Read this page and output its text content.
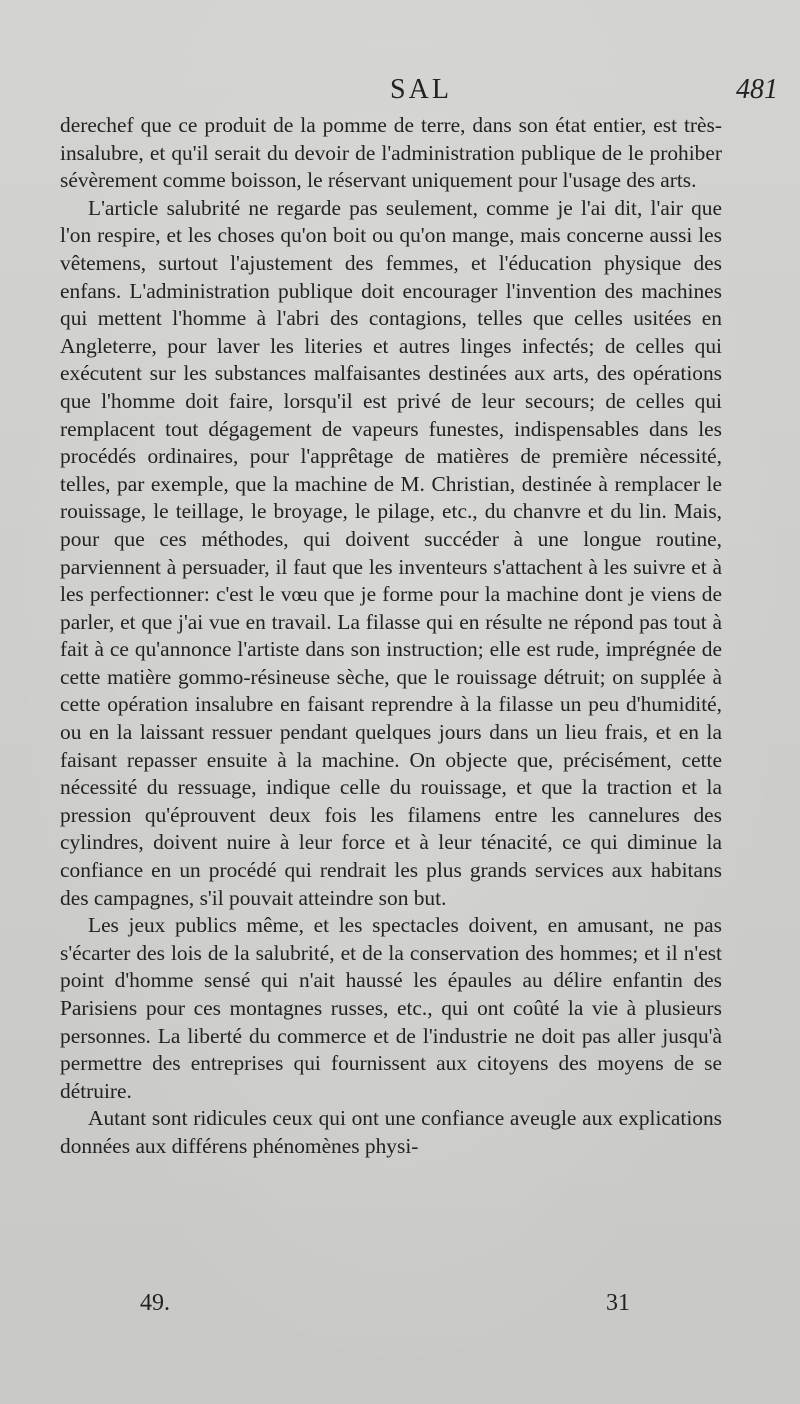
SAL	481

derechef que ce produit de la pomme de terre, dans son état entier, est très-insalubre, et qu'il serait du devoir de l'administration publique de le prohiber sévèrement comme boisson, le réservant uniquement pour l'usage des arts.

L'article salubrité ne regarde pas seulement, comme je l'ai dit, l'air que l'on respire, et les choses qu'on boit ou qu'on mange, mais concerne aussi les vêtemens, surtout l'ajustement des femmes, et l'éducation physique des enfans. L'administration publique doit encourager l'invention des machines qui mettent l'homme à l'abri des contagions, telles que celles usitées en Angleterre, pour laver les literies et autres linges infectés; de celles qui exécutent sur les substances malfaisantes destinées aux arts, des opérations que l'homme doit faire, lorsqu'il est privé de leur secours; de celles qui remplacent tout dégagement de vapeurs funestes, indispensables dans les procédés ordinaires, pour l'apprêtage de matières de première nécessité, telles, par exemple, que la machine de M. Christian, destinée à remplacer le rouissage, le teillage, le broyage, le pilage, etc., du chanvre et du lin. Mais, pour que ces méthodes, qui doivent succéder à une longue routine, parviennent à persuader, il faut que les inventeurs s'attachent à les suivre et à les perfectionner: c'est le vœu que je forme pour la machine dont je viens de parler, et que j'ai vue en travail. La filasse qui en résulte ne répond pas tout à fait à ce qu'annonce l'artiste dans son instruction; elle est rude, imprégnée de cette matière gommo-résineuse sèche, que le rouissage détruit; on supplée à cette opération insalubre en faisant reprendre à la filasse un peu d'humidité, ou en la laissant ressuer pendant quelques jours dans un lieu frais, et en la faisant repasser ensuite à la machine. On objecte que, précisément, cette nécessité du ressuage, indique celle du rouissage, et que la traction et la pression qu'éprouvent deux fois les filamens entre les cannelures des cylindres, doivent nuire à leur force et à leur ténacité, ce qui diminue la confiance en un procédé qui rendrait les plus grands services aux habitans des campagnes, s'il pouvait atteindre son but.

Les jeux publics même, et les spectacles doivent, en amusant, ne pas s'écarter des lois de la salubrité, et de la conservation des hommes; et il n'est point d'homme sensé qui n'ait haussé les épaules au délire enfantin des Parisiens pour ces montagnes russes, etc., qui ont coûté la vie à plusieurs personnes. La liberté du commerce et de l'industrie ne doit pas aller jusqu'à permettre des entreprises qui fournissent aux citoyens des moyens de se détruire.

Autant sont ridicules ceux qui ont une confiance aveugle aux explications données aux différens phénomènes physi-

49.	31
